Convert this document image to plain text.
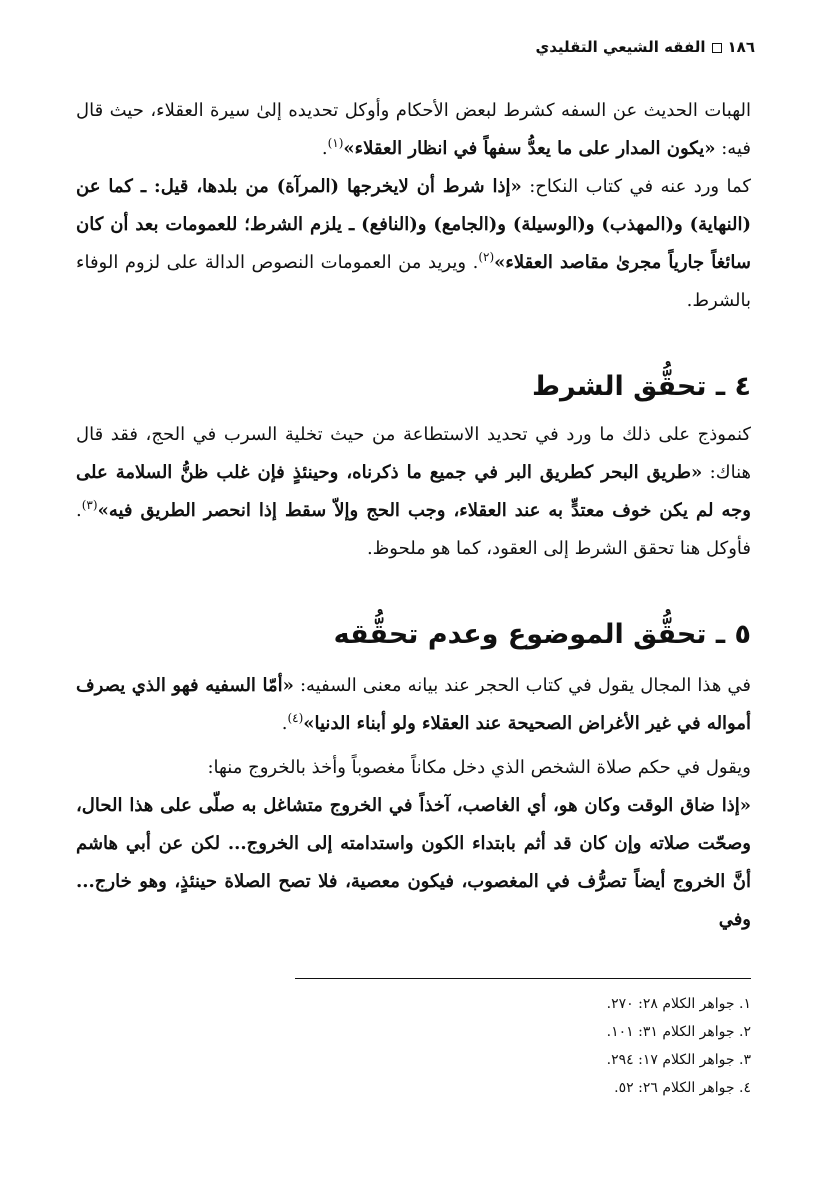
١٨٦الفقه الشيعي التقليدي
الهبات الحديث عن السفه كشرط لبعض الأحكام وأوكل تحديده إلىٰ سيرة العقلاء، حيث قال فيه: «يكون المدار على ما يعدُّ سفهاً في انظار العقلاء»$^{(١)}$.
كما ورد عنه في كتاب النكاح: «إذا شرط أن لايخرجها (المرآة) من بلدها، قيل: ـ كما عن (النهاية) و(المهذب) و(الوسيلة) و(الجامع) و(النافع) ـ يلزم الشرط؛ للعمومات بعد أن كان سائغاً جارياً مجرىٰ مقاصد العقلاء»$^{(٢)}$. ويريد من العمومات النصوص الدالة على لزوم الوفاء بالشرط.
٤ ـ تحقُّق الشرط
كنموذج على ذلك ما ورد في تحديد الاستطاعة من حيث تخلية السرب في الحج، فقد قال هناك: «طريق البحر كطريق البر في جميع ما ذكرناه، وحينئذٍ فإن غلب ظنُّ السلامة على وجه لم يكن خوف معتدٍّ به عند العقلاء، وجب الحج وإلاّ سقط إذا انحصر الطريق فيه»$^{(٣)}$. فأوكل هنا تحقق الشرط إلى العقود، كما هو ملحوظ.
٥ ـ تحقُّق الموضوع وعدم تحقُّقه
في هذا المجال يقول في كتاب الحجر عند بيانه معنى السفيه: «أمّا السفيه فهو الذي يصرف أمواله في غير الأغراض الصحيحة عند العقلاء ولو أبناء الدنيا»$^{(٤)}$.
ويقول في حكم صلاة الشخص الذي دخل مكاناً مغصوباً وأخذ بالخروج منها:
«إذا ضاق الوقت وكان هو، أي الغاصب، آخذاً في الخروج متشاغل به صلّى على هذا الحال، وصحّت صلاته وإن كان قد أثم بابتداء الكون واستدامته إلى الخروج... لكن عن أبي هاشم أنَّ الخروج أيضاً تصرُّف في المغصوب، فيكون معصية، فلا تصح الصلاة حينئذٍ، وهو خارج... وفي
١. جواهر الكلام ٢٨: ٢٧٠.
٢. جواهر الكلام ٣١: ١٠١.
٣. جواهر الكلام ١٧: ٢٩٤.
٤. جواهر الكلام ٢٦: ٥٢.
